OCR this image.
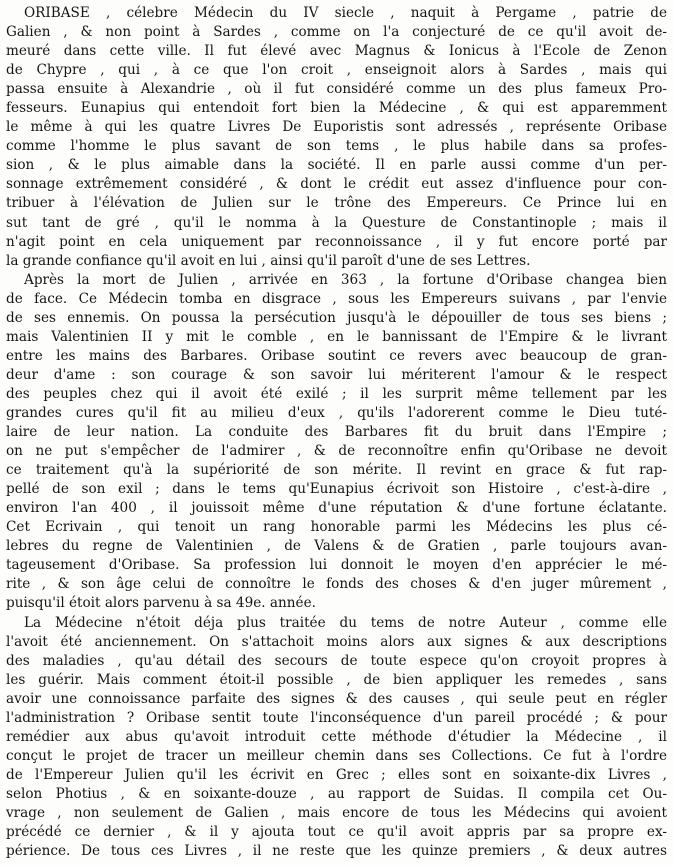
ORIBASE , célebre Médecin du IV siecle , naquit à Pergame , patrie de
Galien , & non point à Sardes , comme on l'a conjecturé de ce qu'il avoit de-
meuré dans cette ville. Il fut élevé avec Magnus & Ionicus à l'Ecole de Zenon
de Chypre , qui , à ce que l'on croit , enseignoit alors à Sardes , mais qui
passa ensuite à Alexandrie , où il fut considéré comme un des plus fameux Pro-
fesseurs. Eunapius qui entendoit fort bien la Médecine , & qui est apparemment
le même à qui les quatre Livres De Euporistis sont adressés , représente Oribase
comme l'homme le plus savant de son tems , le plus habile dans sa profes-
sion , & le plus aimable dans la société. Il en parle aussi comme d'un per-
sonnage extrêmement considéré , & dont le crédit eut assez d'influence pour con-
tribuer à l'élévation de Julien sur le trône des Empereurs. Ce Prince lui en
sut tant de gré , qu'il le nomma à la Questure de Constantinople ; mais il
n'agit point en cela uniquement par reconnoissance , il y fut encore porté par
la grande confiance qu'il avoit en lui , ainsi qu'il paroît d'une de ses Lettres.
Après la mort de Julien , arrivée en 363 , la fortune d'Oribase changea bien
de face. Ce Médecin tomba en disgrace , sous les Empereurs suivans , par l'envie
de ses ennemis. On poussa la persécution jusqu'à le dépouiller de tous ses biens ;
mais Valentinien II y mit le comble , en le bannissant de l'Empire & le livrant
entre les mains des Barbares. Oribase soutint ce revers avec beaucoup de gran-
deur d'ame : son courage & son savoir lui mériterent l'amour & le respect
des peuples chez qui il avoit été exilé ; il les surprit même tellement par les
grandes cures qu'il fit au milieu d'eux , qu'ils l'adorerent comme le Dieu tuté-
laire de leur nation. La conduite des Barbares fit du bruit dans l'Empire ;
on ne put s'empêcher de l'admirer , & de reconnoître enfin qu'Oribase ne devoit
ce traitement qu'à la supériorité de son mérite. Il revint en grace & fut rap-
pellé de son exil ; dans le tems qu'Eunapius écrivoit son Histoire , c'est-à-dire ,
environ l'an 400 , il jouissoit même d'une réputation & d'une fortune éclatante.
Cet Ecrivain , qui tenoit un rang honorable parmi les Médecins les plus cé-
lebres du regne de Valentinien , de Valens & de Gratien , parle toujours avan-
tageusement d'Oribase. Sa profession lui donnoit le moyen d'en apprécier le mé-
rite , & son âge celui de connoître le fonds des choses & d'en juger mûrement ,
puisqu'il étoit alors parvenu à sa 49e. année.
La Médecine n'étoit déja plus traitée du tems de notre Auteur , comme elle
l'avoit été anciennement. On s'attachoit moins alors aux signes & aux descriptions
des maladies , qu'au détail des secours de toute espece qu'on croyoit propres à
les guérir. Mais comment étoit-il possible , de bien appliquer les remedes , sans
avoir une connoissance parfaite des signes & des causes , qui seule peut en régler
l'administration ? Oribase sentit toute l'inconséquence d'un pareil procédé ; & pour
remédier aux abus qu'avoit introduit cette méthode d'étudier la Médecine , il
conçut le projet de tracer un meilleur chemin dans ses Collections. Ce fut à l'ordre
de l'Empereur Julien qu'il les écrivit en Grec ; elles sont en soixante-dix Livres ,
selon Photius , & en soixante-douze , au rapport de Suidas. Il compila cet Ou-
vrage , non seulement de Galien , mais encore de tous les Médecins qui avoient
précédé ce dernier , & il y ajouta tout ce qu'il avoit appris par sa propre ex-
périence. De tous ces Livres , il ne reste que les quinze premiers , & deux autres
